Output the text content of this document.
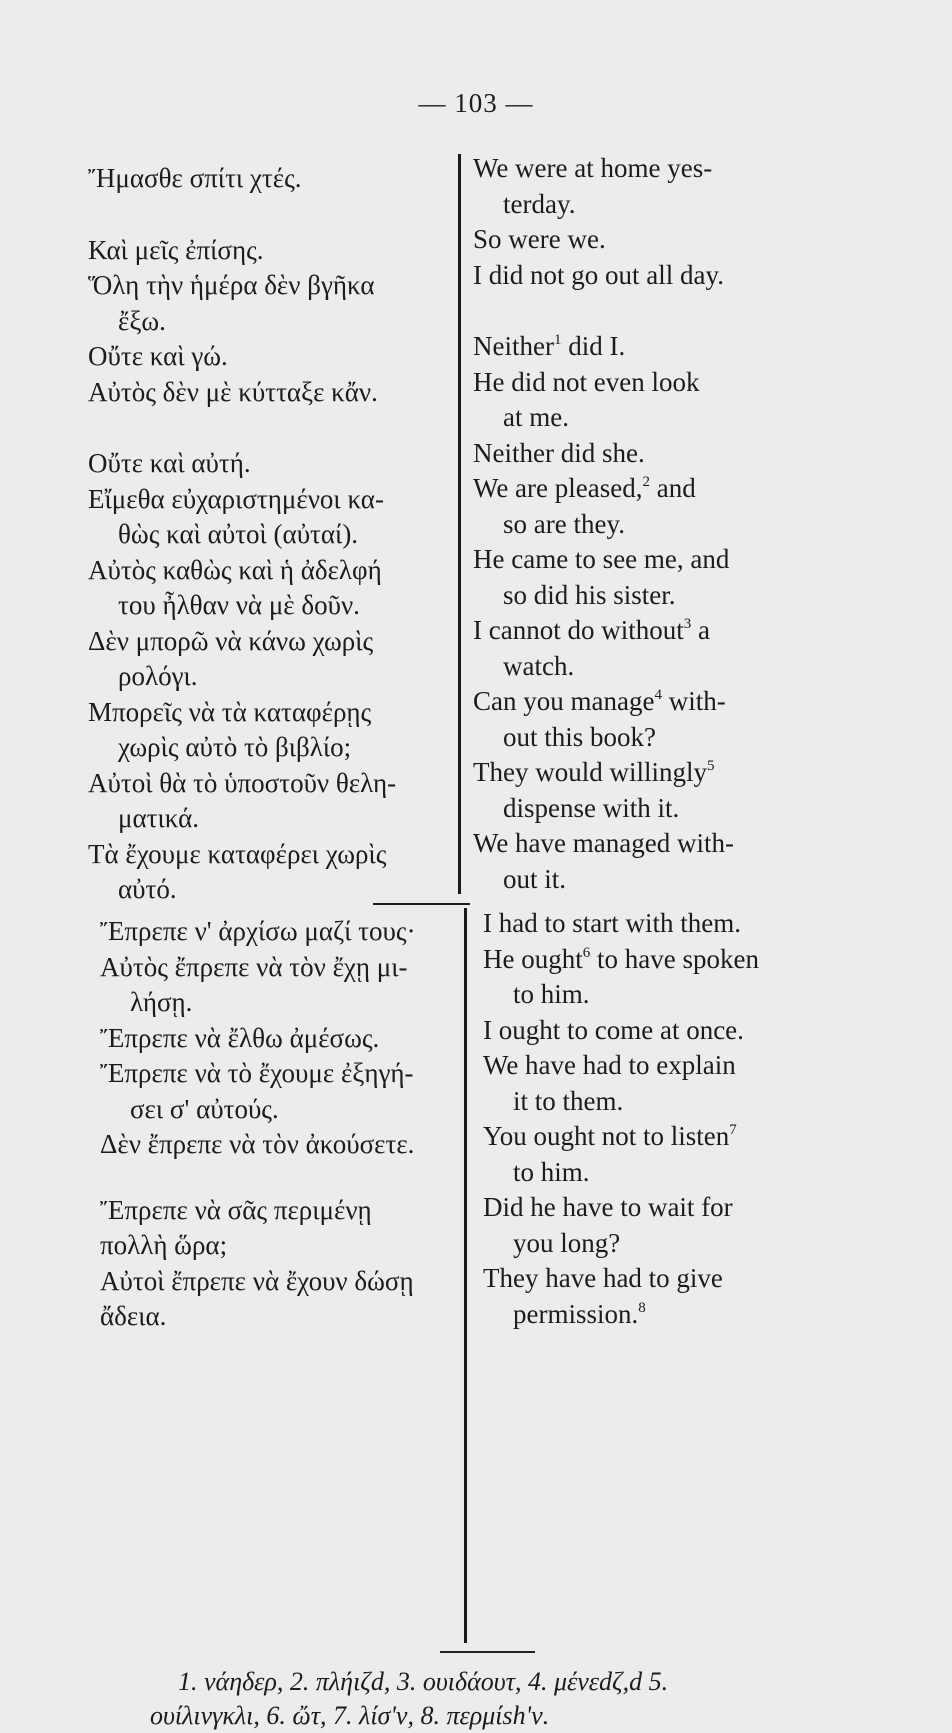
— 103 —
Ἤμασθε σπίτι χτές.
Καὶ μεῖς ἐπίσης.
Ὅλη τὴν ἡμέρα δὲν βγῆκα
ἔξω.
Οὔτε καὶ γώ.
Αὐτὸς δὲν μὲ κύτταξε κἄν.
Οὔτε καὶ αὐτή.
Εἴμεθα εὐχαριστημένοι κα-
θὼς καὶ αὐτοὶ (αὐταί).
Αὐτὸς καθὼς καὶ ἡ ἀδελφή
του ἦλθαν νὰ μὲ δοῦν.
Δὲν μπορῶ νὰ κάνω χωρὶς
ρολόγι.
Μπορεῖς νὰ τὰ καταφέρῃς
χωρὶς αὐτὸ τὸ βιβλίο;
Αὐτοὶ θὰ τὸ ὑποστοῦν θελη-
ματικά.
Τὰ ἔχουμε καταφέρει χωρὶς
αὐτό.
We were at home yes-
terday.
So were we.
I did not go out all day.
Neither$^1$ did I.
He did not even look
at me.
Neither did she.
We are pleased,$^2$ and
so are they.
He came to see me, and
so did his sister.
I cannot do without$^3$ a
watch.
Can you manage$^4$ with-
out this book?
They would willingly$^5$
dispense with it.
We have managed with-
out it.
Ἔπρεπε ν' ἀρχίσω μαζί τους·
Αὐτὸς ἔπρεπε νὰ τὸν ἔχῃ μι-
λήσῃ.
Ἔπρεπε νὰ ἔλθω ἀμέσως.
Ἔπρεπε νὰ τὸ ἔχουμε ἐξηγή-
σει σ' αὐτούς.
Δὲν ἔπρεπε νὰ τὸν ἀκούσετε.
Ἔπρεπε νὰ σᾶς περιμένῃ
πολλὴ ὥρα;
Αὐτοὶ ἔπρεπε νὰ ἔχουν δώσῃ
ἄδεια.
I had to start with them.
He ought$^6$ to have spoken
to him.
I ought to come at once.
We have had to explain
it to them.
You ought not to listen$^7$
to him.
Did he have to wait for
you long?
They have had to give
permission.$^8$
1. νάηδερ, 2. πλήιζd, 3. ουιδάουτ, 4. μένεdζ,d 5.
ουίλινγκλι, 6. ὤτ, 7. λίσ'ν, 8. περμίsh'ν.
